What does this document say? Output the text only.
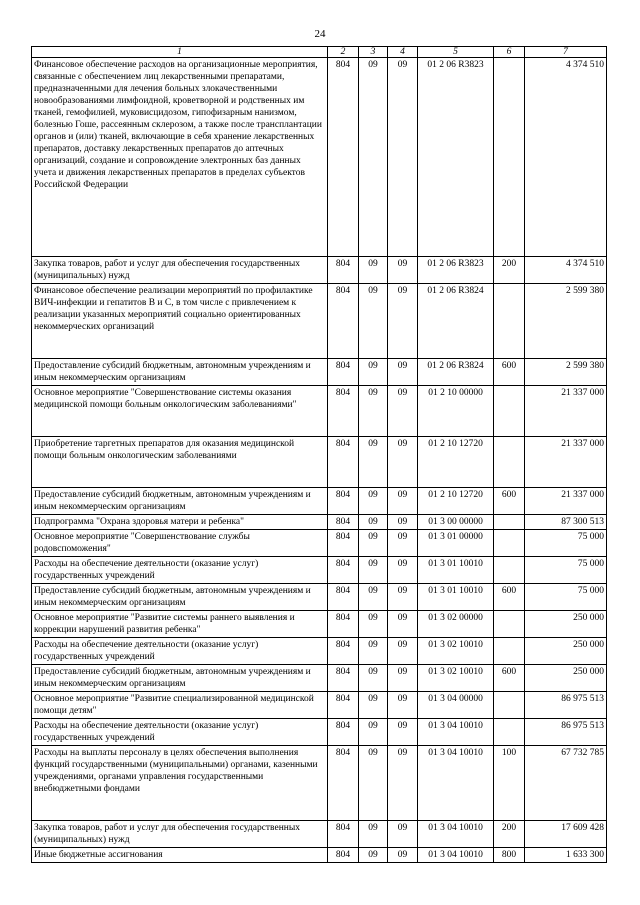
24
1	2	3	4	5	6	7
Финансовое обеспечение расходов на организационные мероприятия, связанные с обеспечением лиц лекарственными препаратами, предназначенными для лечения больных злокачественными новообразованиями лимфоидной, кроветворной и родственных им тканей, гемофилией, муковисцидозом, гипофизарным нанизмом, болезнью Гоше, рассеянным склерозом, а также после трансплантации органов и (или) тканей, включающие в себя хранение лекарственных препаратов, доставку лекарственных препаратов до аптечных организаций, создание и сопровождение электронных баз данных учета и движения лекарственных препаратов в пределах субъектов Российской Федерации	804	09	09	01 2 06 R3823		4 374 510
Закупка товаров, работ и услуг для обеспечения государственных (муниципальных) нужд	804	09	09	01 2 06 R3823	200	4 374 510
Финансовое обеспечение реализации мероприятий по профилактике ВИЧ-инфекции и гепатитов В и С, в том числе с привлечением к реализации указанных мероприятий социально ориентированных некоммерческих организаций	804	09	09	01 2 06 R3824		2 599 380
Предоставление субсидий бюджетным, автономным учреждениям и иным некоммерческим организациям	804	09	09	01 2 06 R3824	600	2 599 380
Основное мероприятие "Совершенствование системы оказания медицинской помощи больным онкологическим заболеваниями"	804	09	09	01 2 10 00000		21 337 000
Приобретение таргетных препаратов для оказания медицинской помощи больным онкологическим заболеваниями	804	09	09	01 2 10 12720		21 337 000
Предоставление субсидий бюджетным, автономным учреждениям и иным некоммерческим организациям	804	09	09	01 2 10 12720	600	21 337 000
Подпрограмма "Охрана здоровья матери и ребенка"	804	09	09	01 3 00 00000		87 300 513
Основное мероприятие "Совершенствование службы родовспоможения"	804	09	09	01 3 01 00000		75 000
Расходы на обеспечение деятельности (оказание услуг) государственных учреждений	804	09	09	01 3 01 10010		75 000
Предоставление субсидий бюджетным, автономным учреждениям и иным некоммерческим организациям	804	09	09	01 3 01 10010	600	75 000
Основное мероприятие "Развитие системы раннего выявления и коррекции нарушений развития ребенка"	804	09	09	01 3 02 00000		250 000
Расходы на обеспечение деятельности (оказание услуг) государственных учреждений	804	09	09	01 3 02 10010		250 000
Предоставление субсидий бюджетным, автономным учреждениям и иным некоммерческим организациям	804	09	09	01 3 02 10010	600	250 000
Основное мероприятие "Развитие специализированной медицинской помощи детям"	804	09	09	01 3 04 00000		86 975 513
Расходы на обеспечение деятельности (оказание услуг) государственных учреждений	804	09	09	01 3 04 10010		86 975 513
Расходы на выплаты персоналу в целях обеспечения выполнения функций государственными (муниципальными) органами, казенными учреждениями, органами управления государственными внебюджетными фондами	804	09	09	01 3 04 10010	100	67 732 785
Закупка товаров, работ и услуг для обеспечения государственных (муниципальных) нужд	804	09	09	01 3 04 10010	200	17 609 428
Иные бюджетные ассигнования	804	09	09	01 3 04 10010	800	1 633 300
